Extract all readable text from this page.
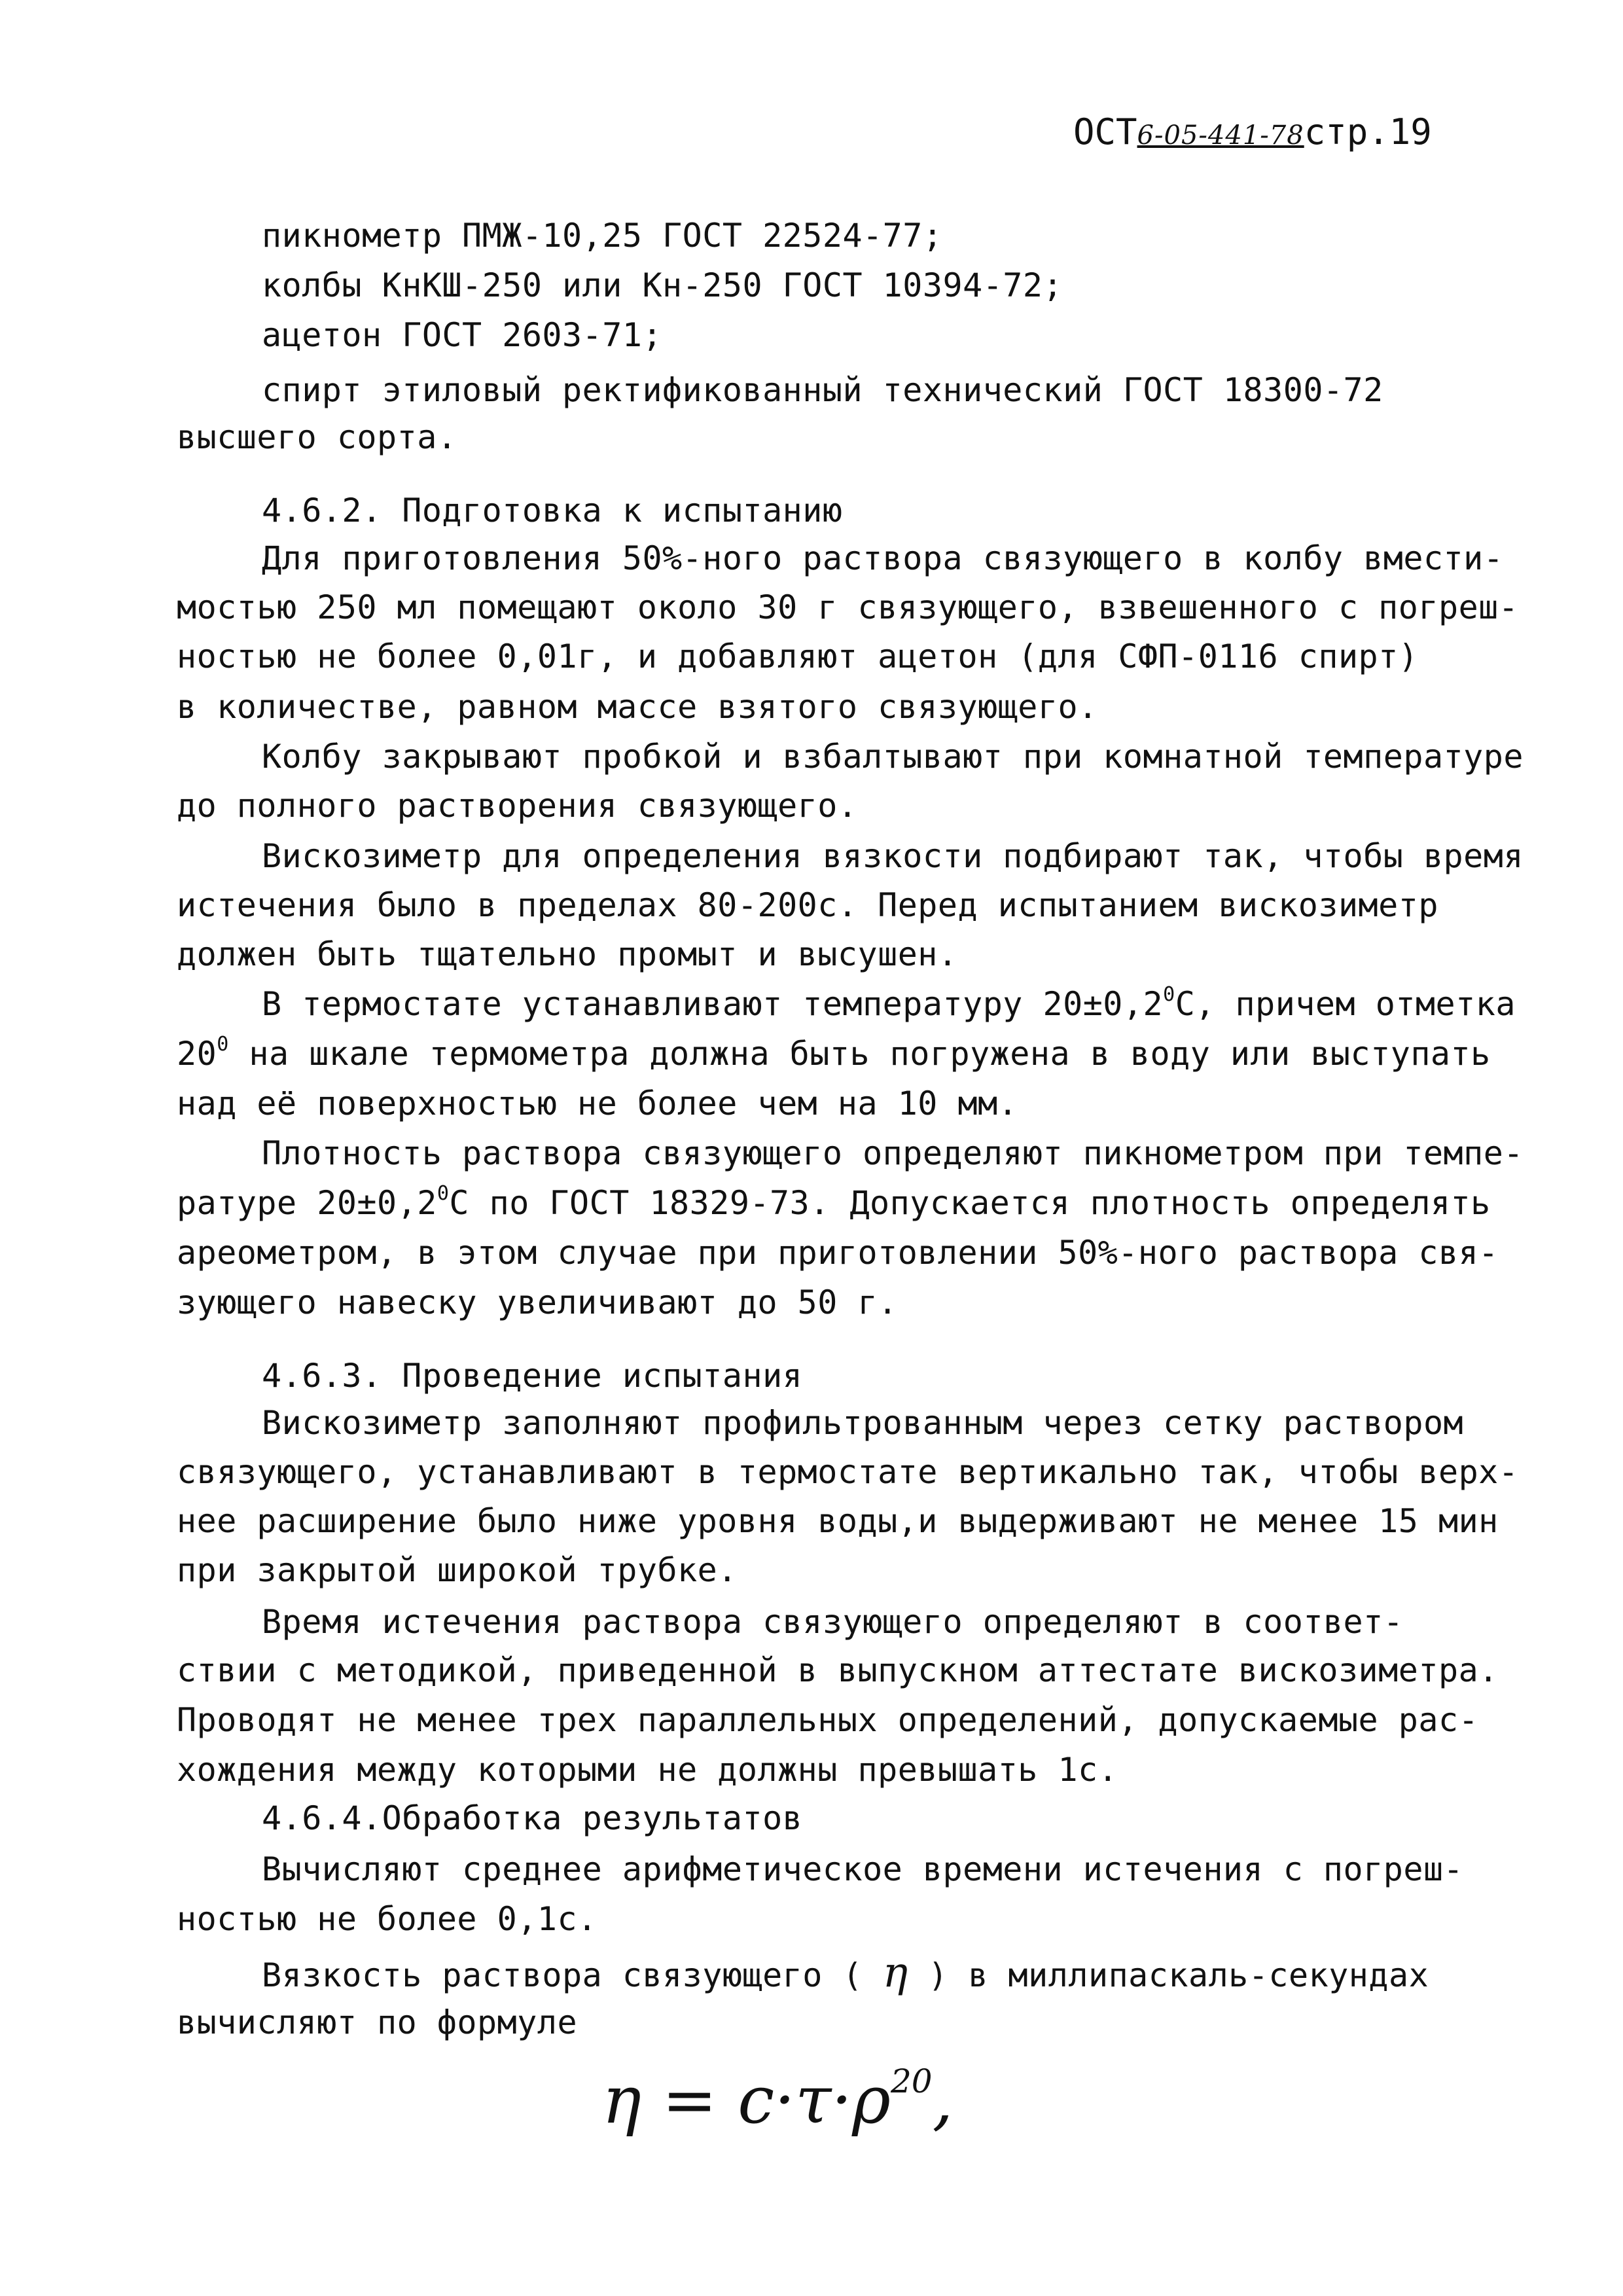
ОСТ6-05-441-78стр.19
пикнометр ПМЖ-10,25 ГОСТ 22524-77;
колбы КнКШ-250 или Кн-250 ГОСТ 10394-72;
ацетон ГОСТ 2603-71;
спирт этиловый ректификованный технический ГОСТ 18300-72
высшего сорта.
4.6.2. Подготовка к испытанию
Для приготовления 50%-ного раствора связующего в колбу вмести-
мостью 250 мл помещают около 30 г связующего, взвешенного с погреш-
ностью не более 0,01г, и добавляют ацетон (для СФП-0116 спирт)
в количестве, равном массе взятого связующего.
Колбу закрывают пробкой и взбалтывают при комнатной температуре
до полного растворения связующего.
Вискозиметр для определения вязкости подбирают так, чтобы время
истечения было в пределах 80-200с. Перед испытанием вискозиметр
должен быть тщательно промыт и высушен.
В термостате устанавливают температуру $20\pm 0,2^0С$, причем отметка
$20^0$ на шкале термометра должна быть погружена в воду или выступать
над её поверхностью не более чем на 10 мм.
Плотность раствора связующего определяют пикнометром при темпе-
ратуре $20\pm 0,2^0С$ по ГОСТ 18329-73. Допускается плотность определять
ареометром, в этом случае при приготовлении 50%-ного раствора свя-
зующего навеску увеличивают до 50 г.
4.6.3. Проведение испытания
Вискозиметр заполняют профильтрованным через сетку раствором
связующего, устанавливают в термостате вертикально так, чтобы верх-
нее расширение было ниже уровня воды,и выдерживают не менее 15 мин
при закрытой широкой трубке.
Время истечения раствора связующего определяют в соответ-
ствии с методикой, приведенной в выпускном аттестате вискозиметра.
Проводят не менее трех параллельных определений, допускаемые рас-
хождения между которыми не должны превышать 1с.
4.6.4.Обработка результатов
Вычисляют среднее арифметическое времени истечения с погреш-
ностью не более 0,1с.
Вязкость раствора связующего ( η ) в миллипаскаль-секундах
вычисляют по формуле
$\eta = c\cdot\tau\cdot\rho^{20}$,
